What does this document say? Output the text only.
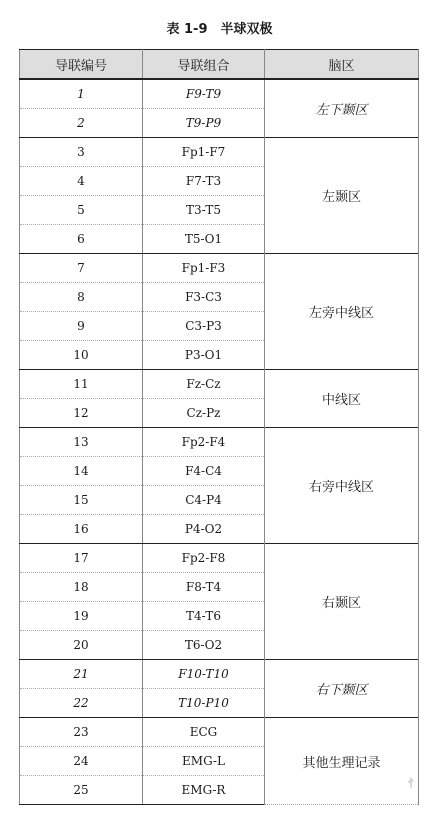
表 1-9　半球双极
导联编号	导联组合	脑区
1	F9-T9	左下颞区
2	T9-P9	
3	Fp1-F7	左颞区
4	F7-T3	
5	T3-T5	
6	T5-O1	
7	Fp1-F3	左旁中线区
8	F3-C3	
9	C3-P3	
10	P3-O1	
11	Fz-Cz	中线区
12	Cz-Pz	
13	Fp2-F4	右旁中线区
14	F4-C4	
15	C4-P4	
16	P4-O2	
17	Fp2-F8	右颞区
18	F8-T4	
19	T4-T6	
20	T6-O2	
21	F10-T10	右下颞区
22	T10-P10	
23	ECG	其他生理记录
24	EMG-L	
25	EMG-R		忄
